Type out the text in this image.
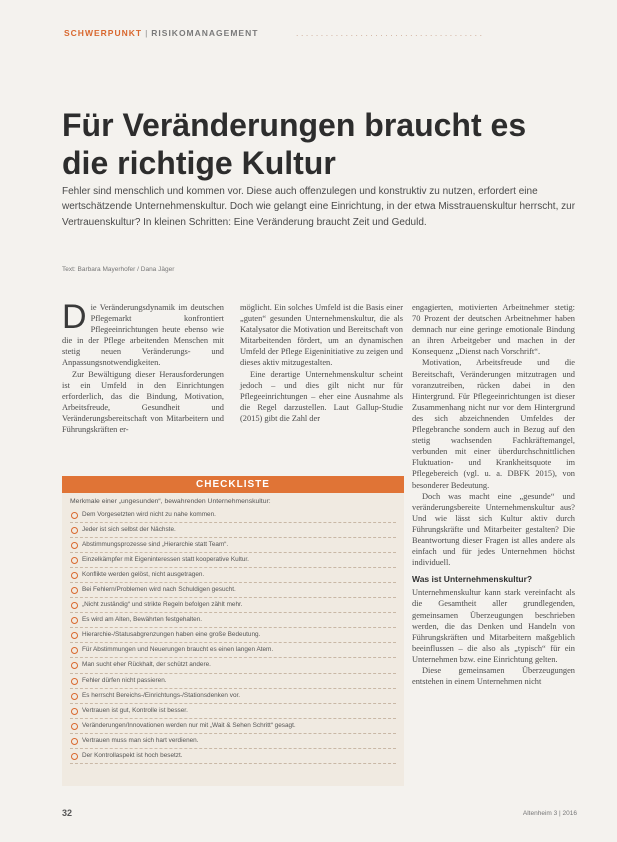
SCHWERPUNKT | RISIKOMANAGEMENT	......................................
Für Veränderungen braucht es die richtige Kultur

Fehler sind menschlich und kommen vor. Diese auch offenzulegen und konstruktiv zu nutzen, erfordert eine wertschätzende Unternehmenskultur. Doch wie gelangt eine Einrichtung, in der etwa Misstrauenskultur herrscht, zur Vertrauenskultur? In kleinen Schritten: Eine Veränderung braucht Zeit und Geduld.

Text: Barbara Mayerhofer / Dana Jäger

Die Veränderungsdynamik im deutschen Pflegemarkt konfrontiert Pflegeeinrichtungen heute ebenso wie die in der Pflege arbeitenden Menschen mit stetig neuen Veränderungs- und Anpassungsnotwendigkeiten.

Zur Bewältigung dieser Herausforderungen ist ein Umfeld in den Einrichtungen erforderlich, das die Bindung, Motivation, Arbeitsfreude, Gesundheit und Veränderungsbereitschaft von Mitarbeitern und Führungskräften er-

möglicht. Ein solches Umfeld ist die Basis einer „guten“ gesunden Unternehmenskultur, die als Katalysator die Motivation und Bereitschaft von Mitarbeitenden fördert, um an dynamischen Umfeld der Pflege Eigeninitiative zu zeigen und dieses aktiv mitzugestalten.

Eine derartige Unternehmenskultur scheint jedoch – und dies gilt nicht nur für Pflegeeinrichtungen – eher eine Ausnahme als die Regel darzustellen. Laut Gallup-Studie (2015) gibt die Zahl der

engagierten, motivierten Arbeitnehmer stetig: 70 Prozent der deutschen Arbeitnehmer haben demnach nur eine geringe emotionale Bindung an ihren Arbeitgeber und machen in der Konsequenz „Dienst nach Vorschrift“.

Motivation, Arbeitsfreude und die Bereitschaft, Veränderungen mitzutragen und voranzutreiben, rücken dabei in den Hintergrund. Für Pflegeeinrichtungen ist dieser Zusammenhang nicht nur vor dem Hintergrund des sich abzeichnenden Umfeldes der Pflegebranche sondern auch in Bezug auf den stetig wachsenden Fachkräftemangel, verbunden mit einer überdurchschnittlichen Fluktuation- und Krankheitsquote im Pflegebereich (vgl. u. a. DBFK 2015), von besonderer Bedeutung.

Doch was macht eine „gesunde“ und veränderungsbereite Unternehmenskultur aus? Und wie lässt sich Kultur aktiv durch Führungskräfte und Mitarbeiter gestalten? Die Beantwortung dieser Fragen ist alles andere als einfach und für jedes Unternehmen höchst individuell.

Was ist Unternehmenskultur?

Unternehmenskultur kann stark vereinfacht als die Gesamtheit aller grundlegenden, gemeinsamen Überzeugungen beschrieben werden, die das Denken und Handeln von Führungskräften und Mitarbeitern maßgeblich beeinflussen – die also als „typisch“ für ein Unternehmen bzw. eine Einrichtung gelten.

Diese gemeinsamen Überzeugungen entstehen in einem Unternehmen nicht

CHECKLISTE
Merkmale einer „ungesunden“, bewahrenden Unternehmenskultur:
Dem Vorgesetzten wird nicht zu nahe kommen.
Jeder ist sich selbst der Nächste.
Abstimmungsprozesse sind „Hierarchie statt Team“.
Einzelkämpfer mit Eigeninteressen statt kooperative Kultur.
Konflikte werden gelöst, nicht ausgetragen.
Bei Fehlern/Problemen wird nach Schuldigen gesucht.
„Nicht zuständig“ und strikte Regeln befolgen zählt mehr.
Es wird am Alten, Bewährten festgehalten.
Hierarchie-/Statusabgrenzungen haben eine große Bedeutung.
Für Abstimmungen und Neuerungen braucht es einen langen Atem.
Man sucht eher Rückhalt, der schützt andere.
Fehler dürfen nicht passieren.
Es herrscht Bereichs-/Einrichtungs-/Stationsdenken vor.
Vertrauen ist gut, Kontrolle ist besser.
Veränderungen/Innovationen werden nur mit „Wait & Sehen Schritt“ gesagt.
Vertrauen muss man sich hart verdienen.
Der Kontrollaspekt ist hoch besetzt.
32	Altenheim 3 | 2016
